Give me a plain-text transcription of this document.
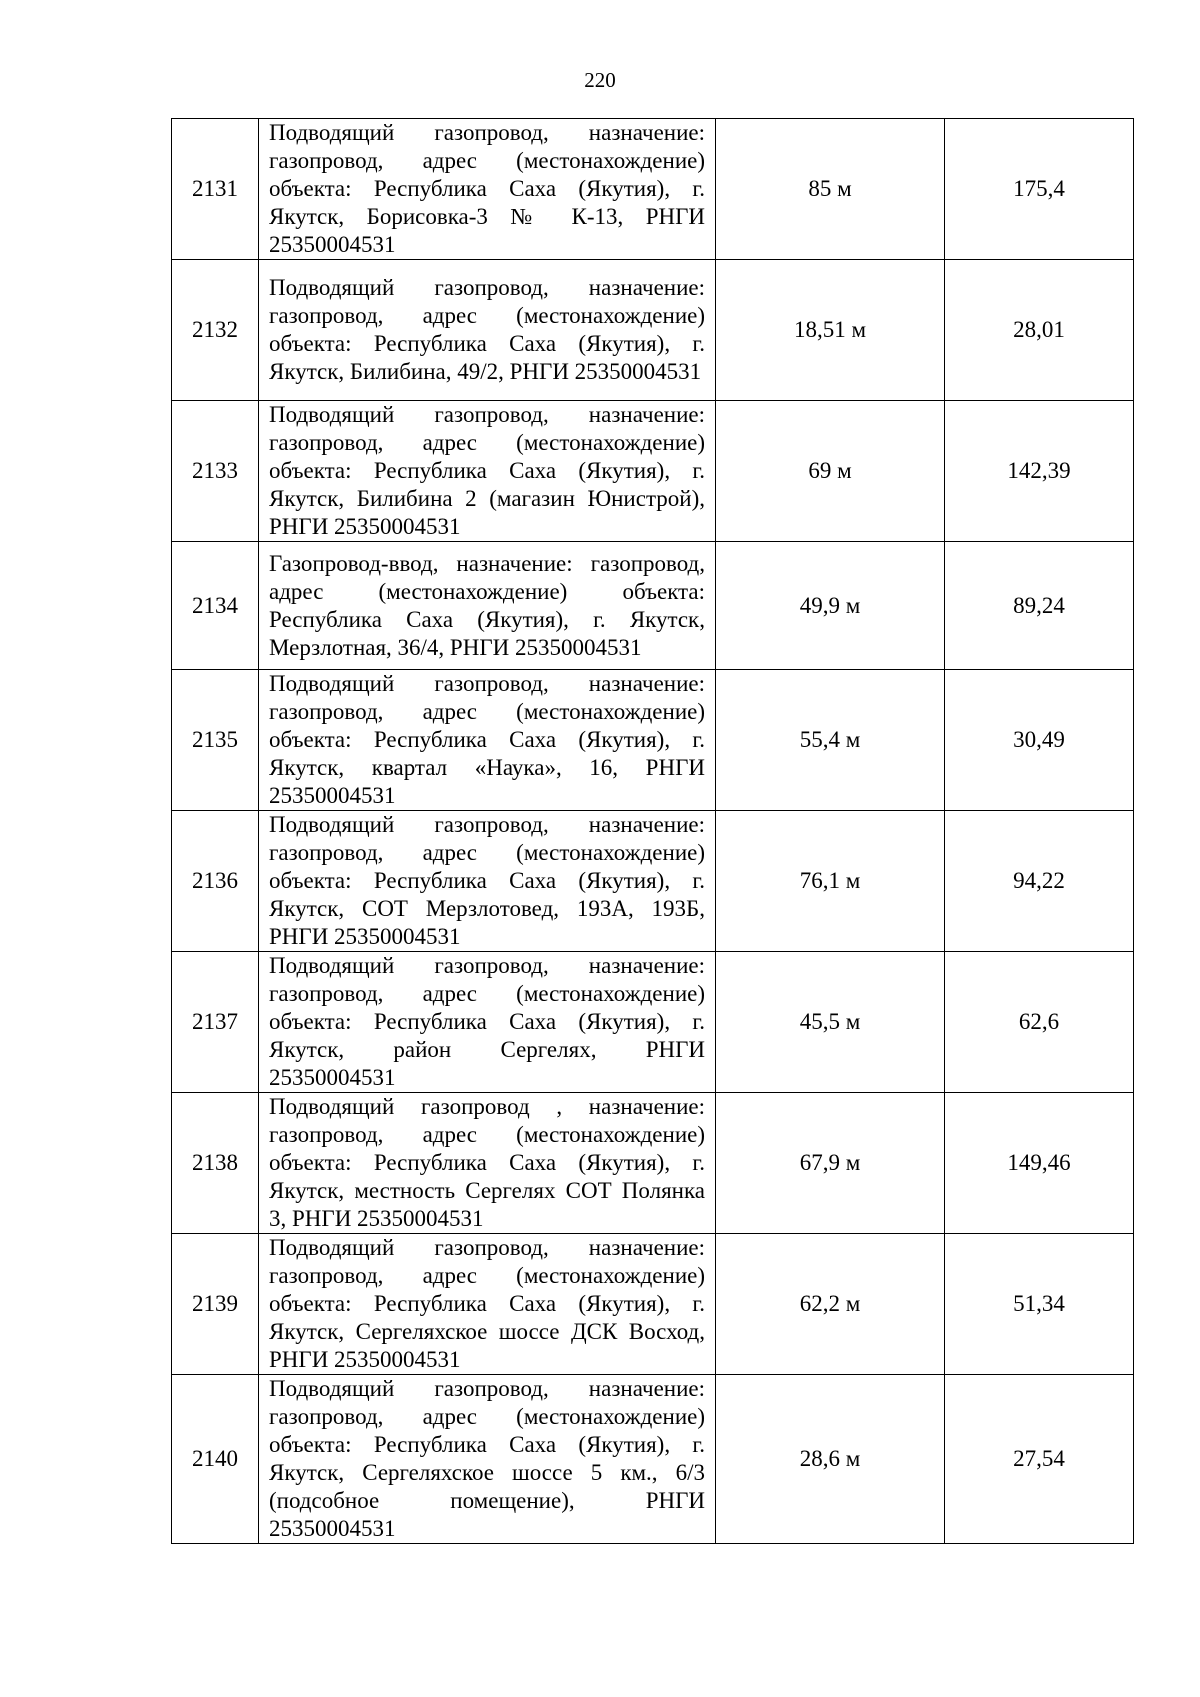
220
2131	Подводящий газопровод, назначение: газопровод, адрес (местонахождение) объекта: Республика Саха (Якутия), г. Якутск, Борисовка-3 № К-13, РНГИ 25350004531	85 м	175,4
2132	Подводящий газопровод, назначение: газопровод, адрес (местонахождение) объекта: Республика Саха (Якутия), г. Якутск, Билибина, 49/2, РНГИ 25350004531	18,51 м	28,01
2133	Подводящий газопровод, назначение: газопровод, адрес (местонахождение) объекта: Республика Саха (Якутия), г. Якутск, Билибина 2 (магазин Юнистрой), РНГИ 25350004531	69 м	142,39
2134	Газопровод-ввод, назначение: газопровод, адрес (местонахождение) объекта: Республика Саха (Якутия), г. Якутск, Мерзлотная, 36/4, РНГИ 25350004531	49,9 м	89,24
2135	Подводящий газопровод, назначение: газопровод, адрес (местонахождение) объекта: Республика Саха (Якутия), г. Якутск, квартал «Наука», 16, РНГИ 25350004531	55,4 м	30,49
2136	Подводящий газопровод, назначение: газопровод, адрес (местонахождение) объекта: Республика Саха (Якутия), г. Якутск, СОТ Мерзлотовед, 193А, 193Б, РНГИ 25350004531	76,1 м	94,22
2137	Подводящий газопровод, назначение: газопровод, адрес (местонахождение) объекта: Республика Саха (Якутия), г. Якутск, район Сергелях, РНГИ 25350004531	45,5 м	62,6
2138	Подводящий газопровод , назначение: газопровод, адрес (местонахождение) объекта: Республика Саха (Якутия), г. Якутск, местность Сергелях СОТ Полянка 3, РНГИ 25350004531	67,9 м	149,46
2139	Подводящий газопровод, назначение: газопровод, адрес (местонахождение) объекта: Республика Саха (Якутия), г. Якутск, Сергеляхское шоссе ДСК Восход, РНГИ 25350004531	62,2 м	51,34
2140	Подводящий газопровод, назначение: газопровод, адрес (местонахождение) объекта: Республика Саха (Якутия), г. Якутск, Сергеляхское шоссе 5 км., 6/3 (подсобное помещение), РНГИ 25350004531	28,6 м	27,54
